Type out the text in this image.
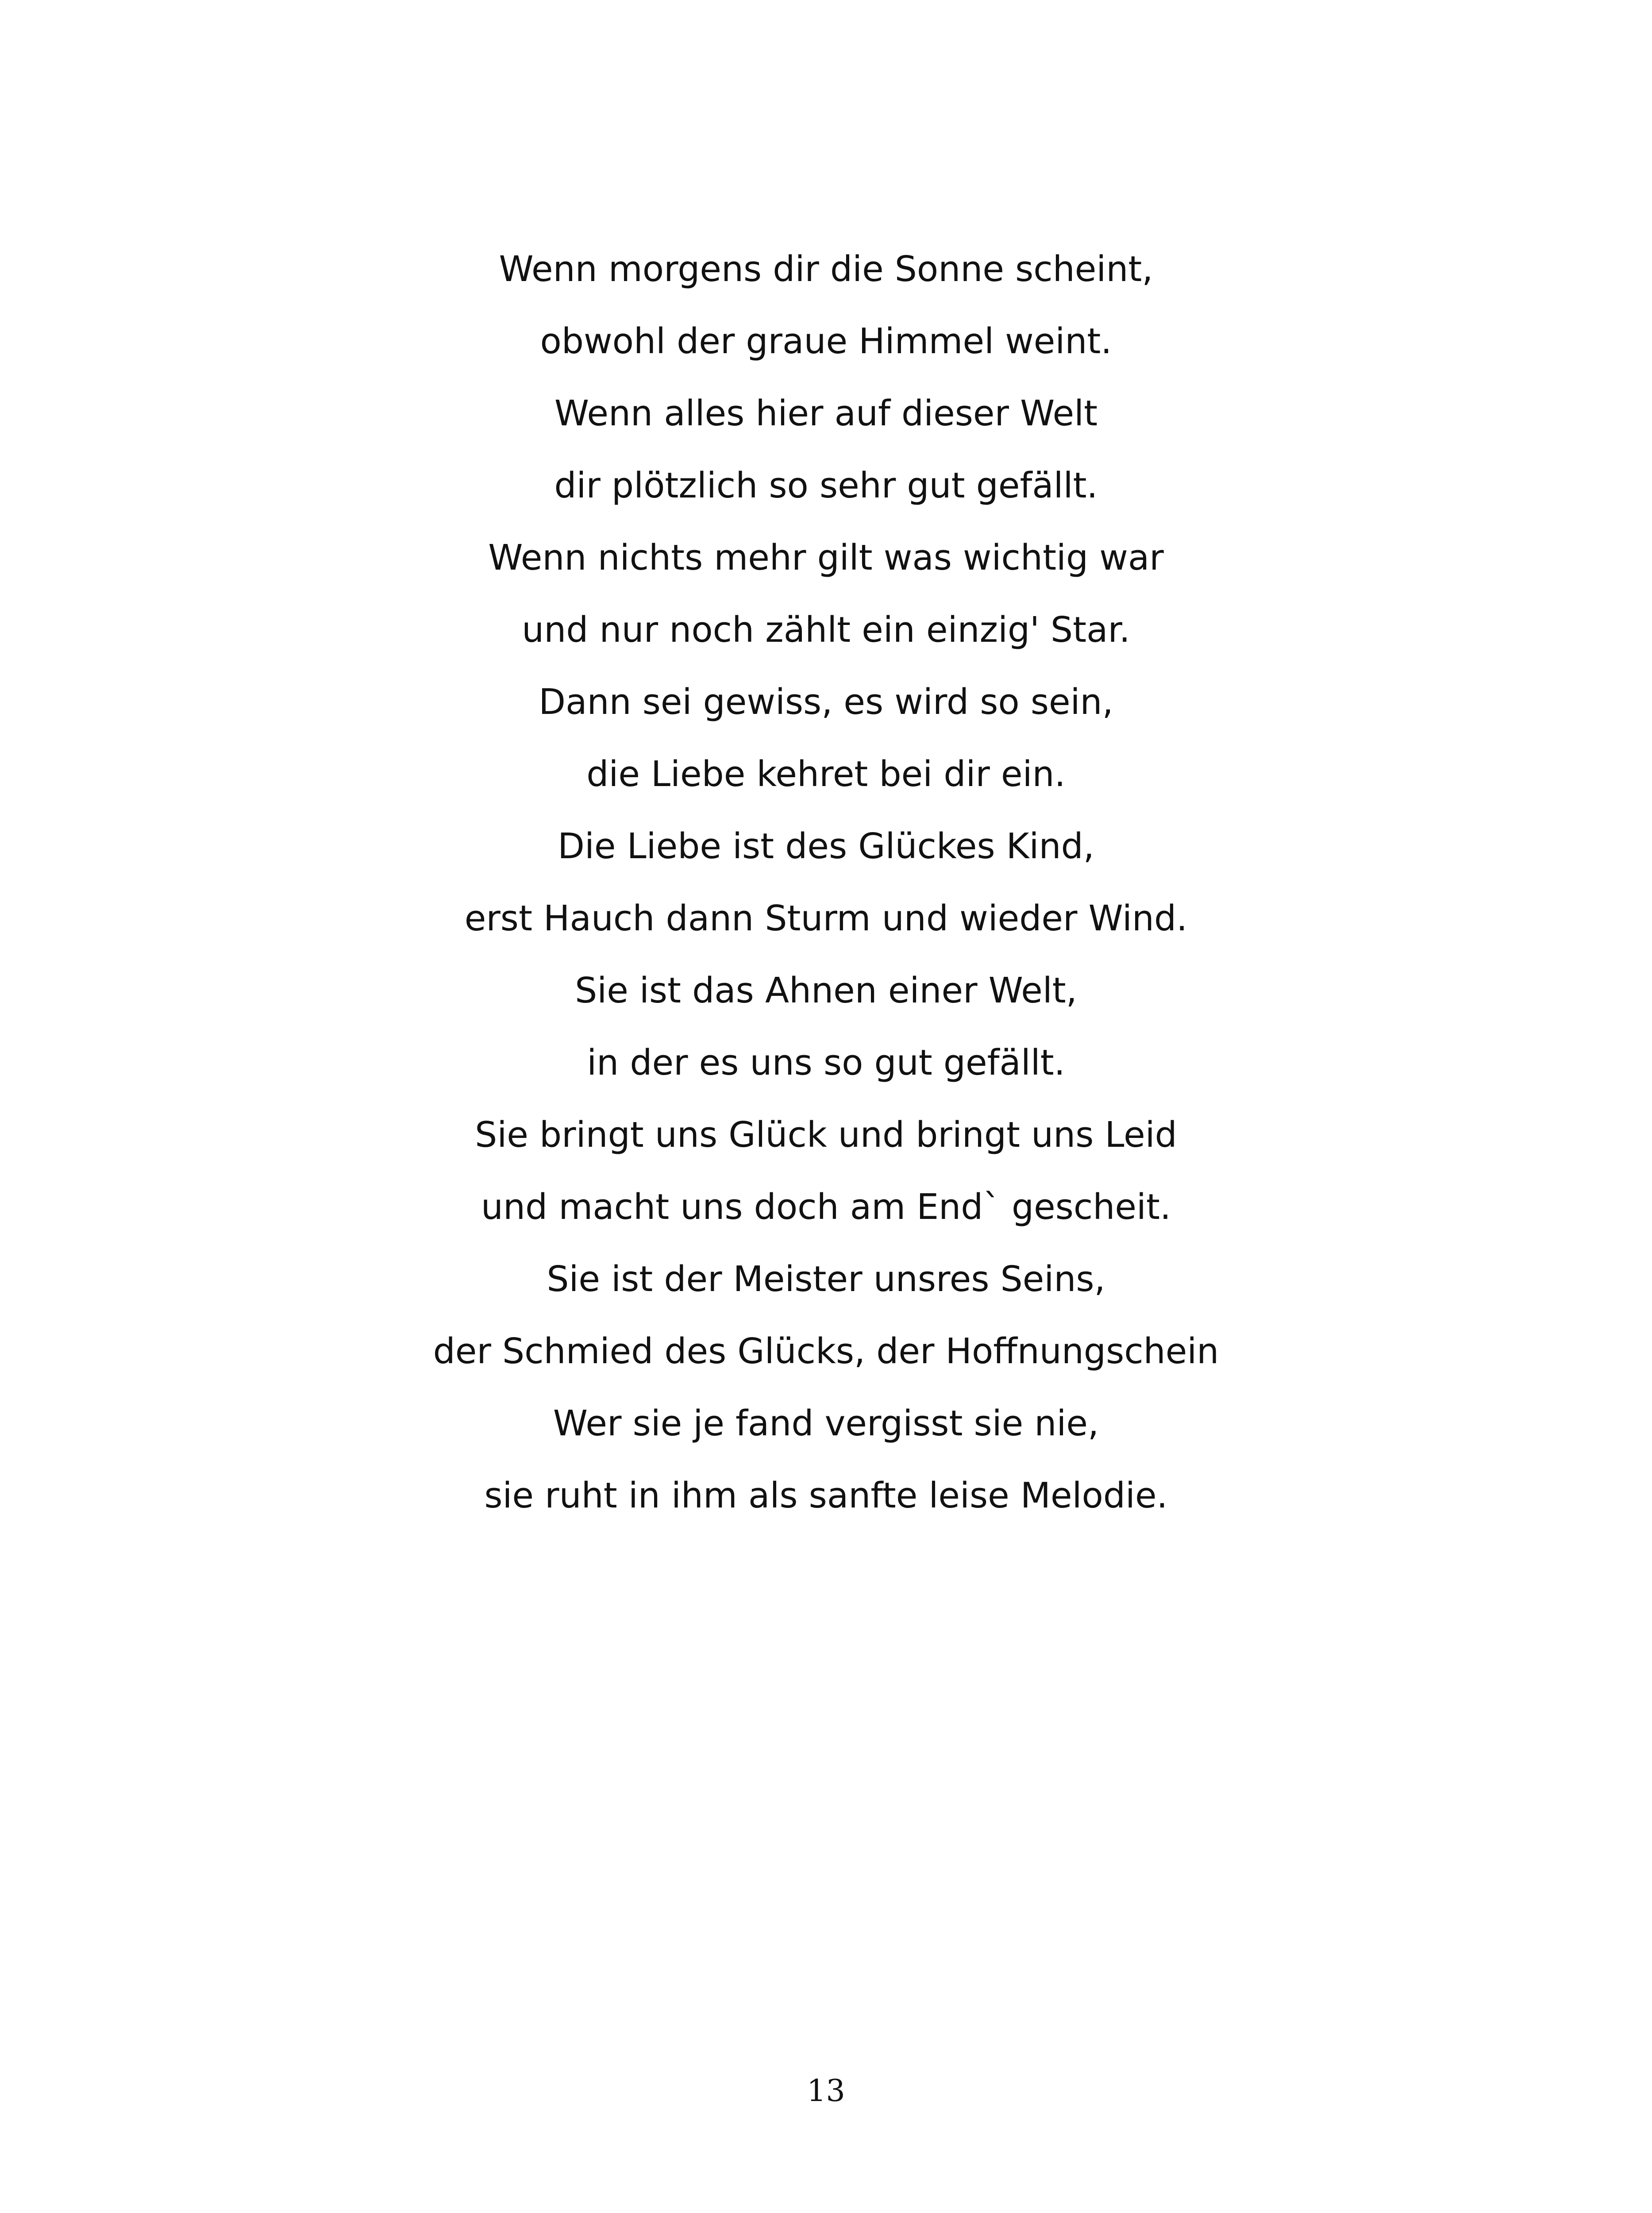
Wenn morgens dir die Sonne scheint,
obwohl der graue Himmel weint.
Wenn alles hier auf dieser Welt
dir plötzlich so sehr gut gefällt.
Wenn nichts mehr gilt was wichtig war
und nur noch zählt ein einzig' Star.
Dann sei gewiss, es wird so sein,
die Liebe kehret bei dir ein.
Die Liebe ist des Glückes Kind,
erst Hauch dann Sturm und wieder Wind.
Sie ist das Ahnen einer Welt,
in der es uns so gut gefällt.
Sie bringt uns Glück und bringt uns Leid
und macht uns doch am End` gescheit.
Sie ist der Meister unsres Seins,
der Schmied des Glücks, der Hoffnungschein
Wer sie je fand vergisst sie nie,
sie ruht in ihm als sanfte leise Melodie.
13
